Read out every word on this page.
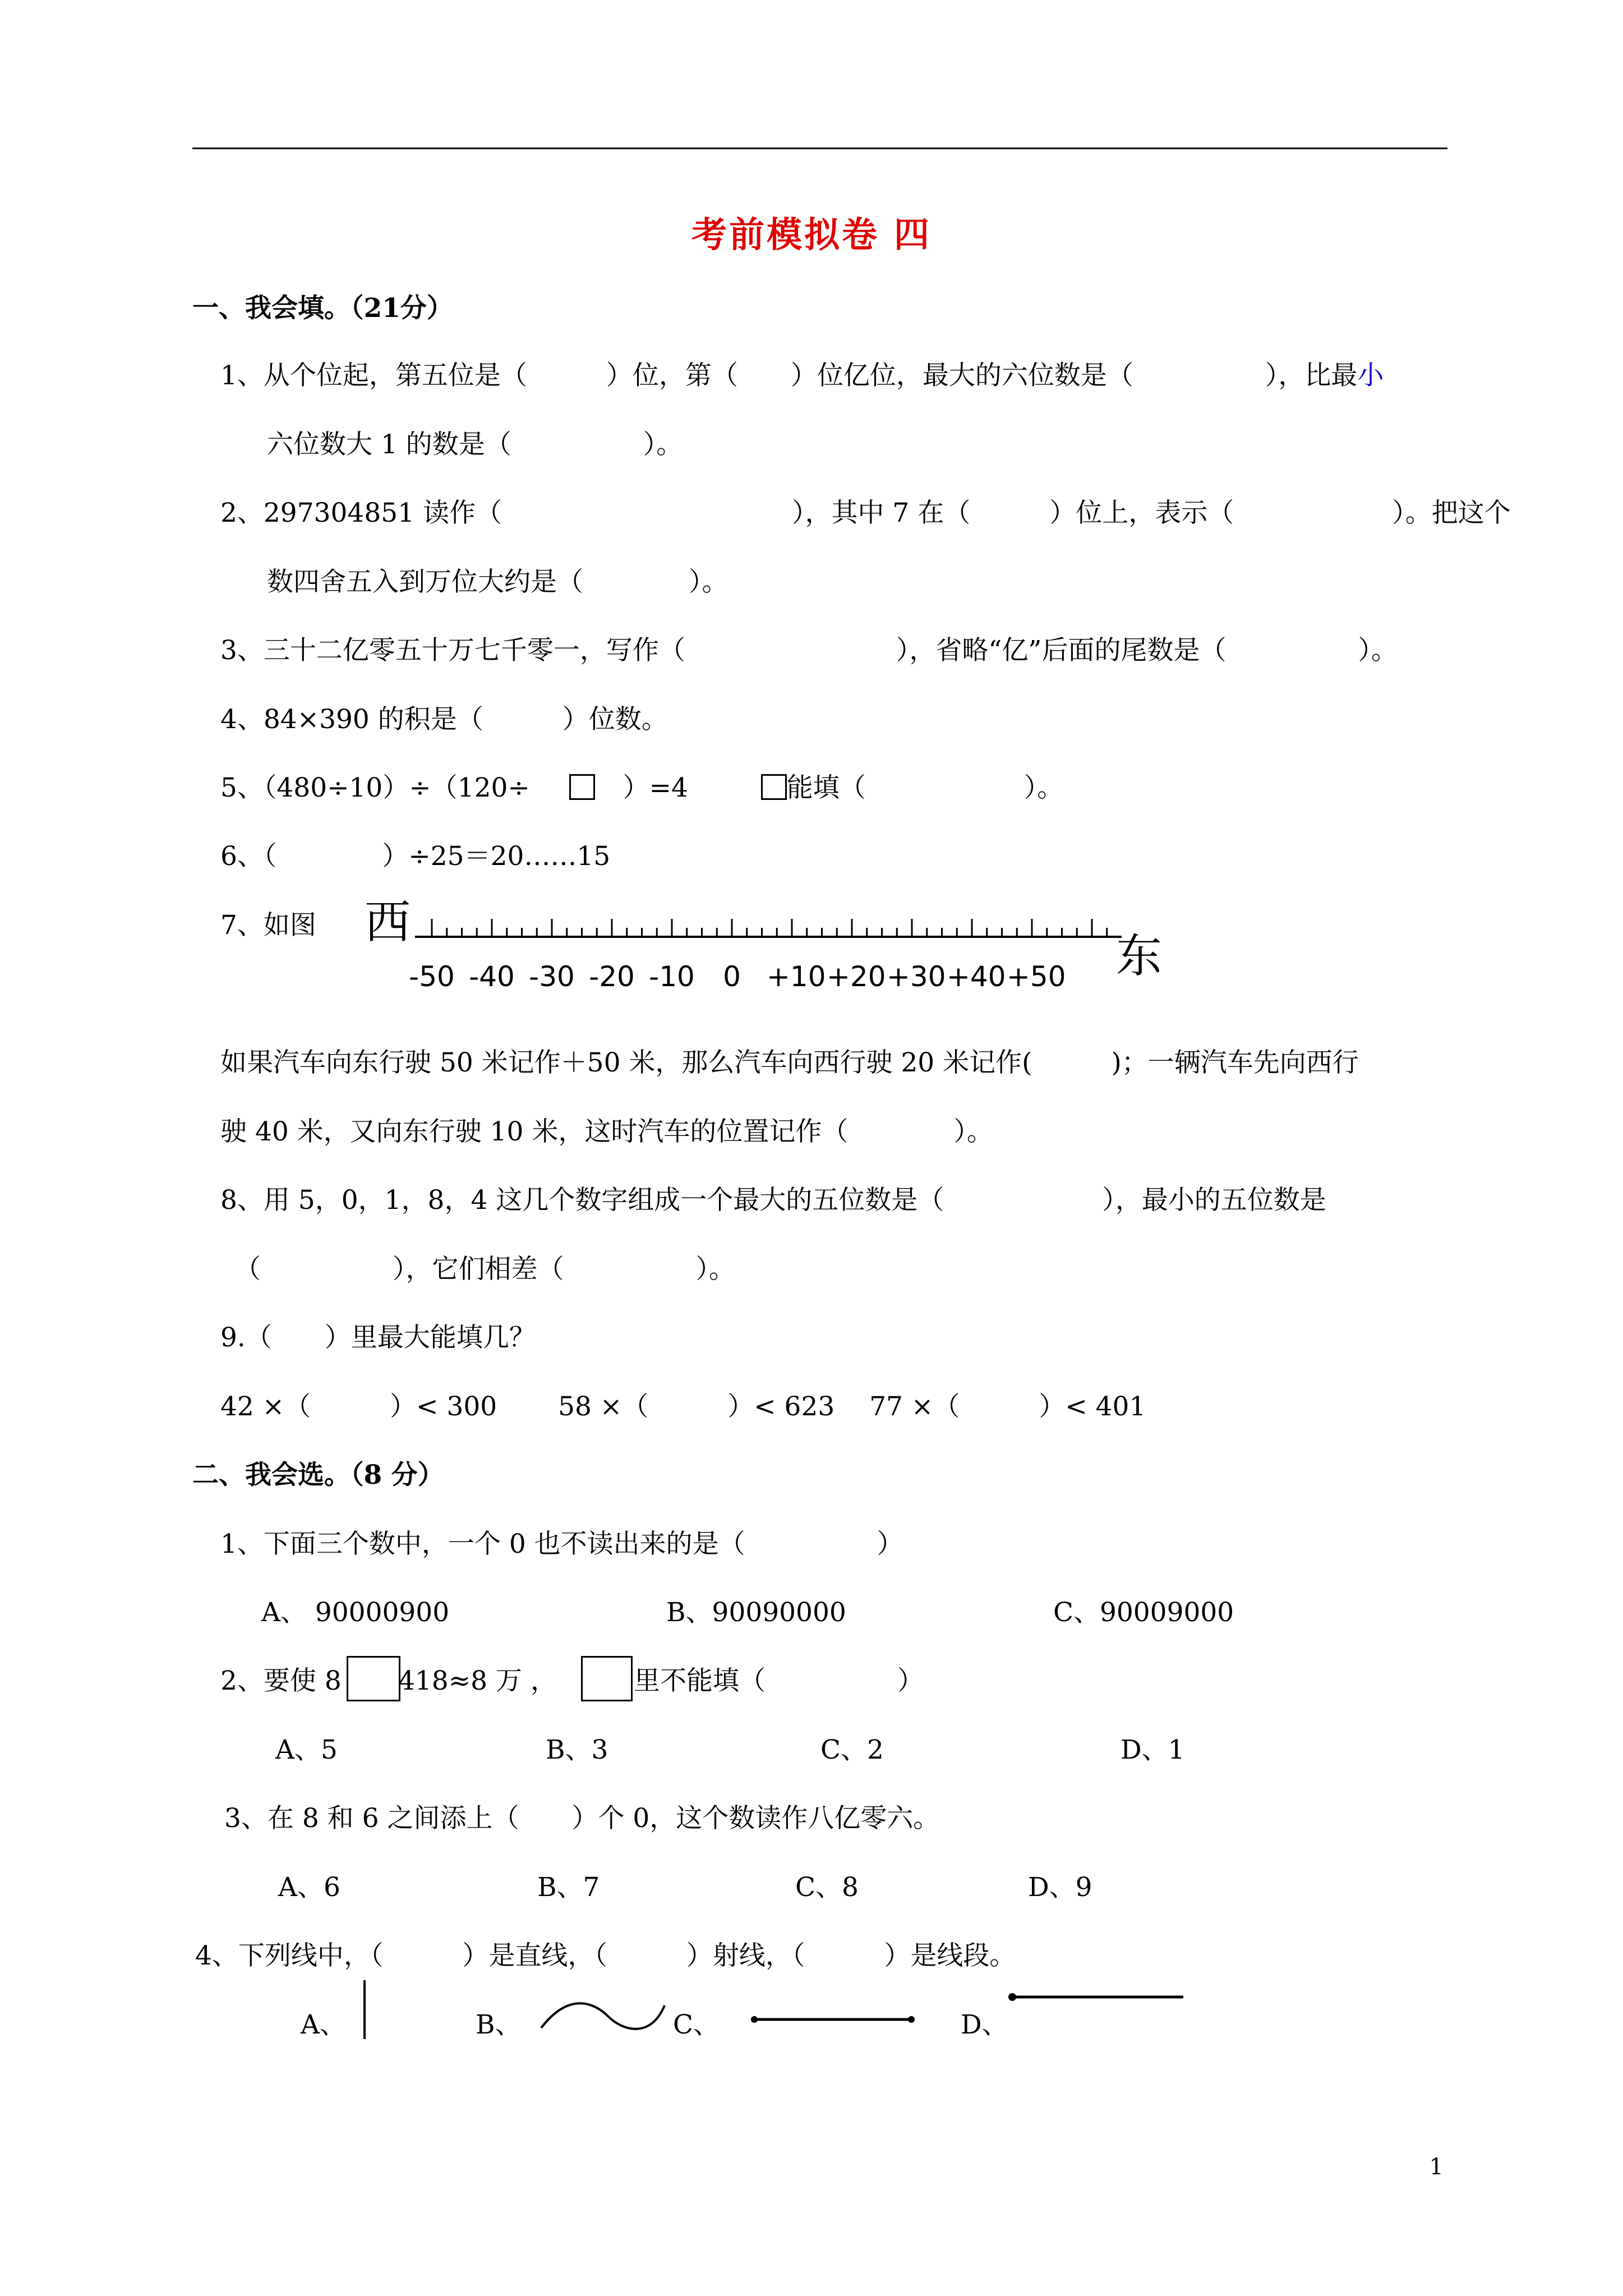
考前模拟卷 四
一、我会填。（21分）
1、从个位起，第五位是（　　　）位，第（　　）位亿位，最大的六位数是（　　　　　），比最小
六位数大 1 的数是（　　　　　）。
2、297304851 读作（　　　　　　　　　　　），其中 7 在（　　　）位上，表示（　　　　　　）。把这个
数四舍五入到万位大约是（　　　　）。
3、三十二亿零五十万七千零一，写作（　　　　　　　　），省略“亿”后面的尾数是（　　　　　）。
4、84×390 的积是（　　　）位数。
5、（480÷10）÷（120÷	）=4	能填（　　　　　　）。
6、（　　　　）÷25＝20……15
7、如图 西
东
-50 -40 -30 -20 -10	0 +10 +20 +30 +40 +50
如果汽车向东行驶 50 米记作＋50 米，那么汽车向西行驶 20 米记作(　　　)；一辆汽车先向西行
驶 40 米，又向东行驶 10 米，这时汽车的位置记作（　　　　）。
8、用 5，0，1，8，4 这几个数字组成一个最大的五位数是（　　　　　　），最小的五位数是
（　　　　　），它们相差（　　　　　）。
9.（　　）里最大能填几？
42 ×（　　　）< 300　　 58 ×（　　　）< 623　 77 ×（　　　）< 401
二、我会选。（8 分）
1、下面三个数中，一个 0 也不读出来的是（　　　　　）
A、 90000900	B、90090000	C、90009000
2、要使 8 418≈8 万 ，	里不能填（　　　　　）
A、5	B、3	C、2	D、1
3、在 8 和 6 之间添上（　　）个 0，这个数读作八亿零六。
A、6	B、7	C、8	D、9
4、下列线中，（　　　）是直线，（　　　）射线，（　　　）是线段。
A、	B、	C、	D、
1
